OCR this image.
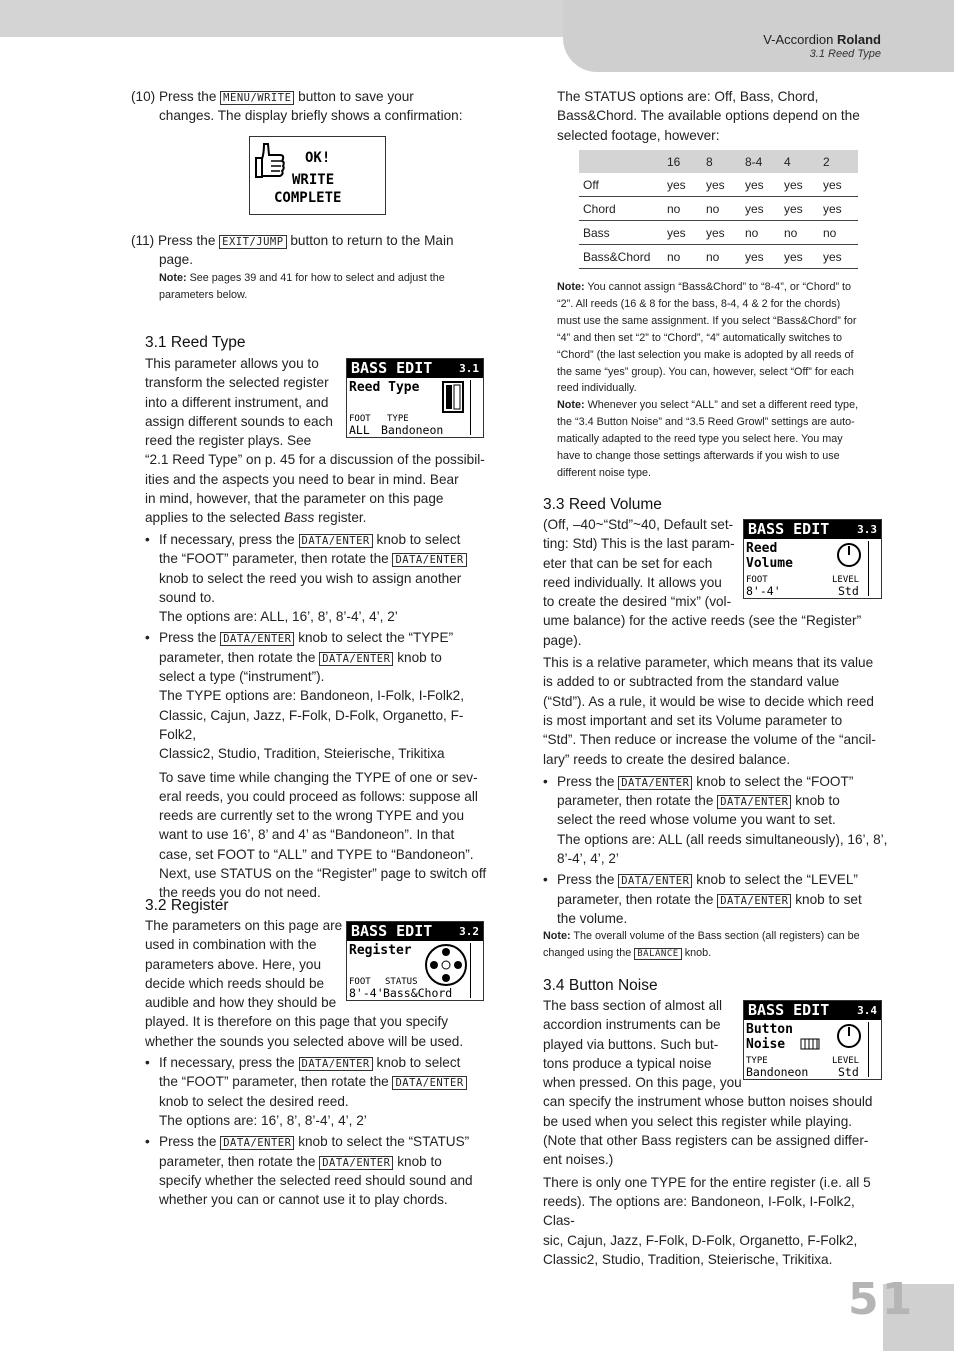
V-Accordion Roland
3.1 Reed Type
(10) Press the MENU/WRITE button to save your
changes. The display briefly shows a confirmation:
OK!
WRITE
COMPLETE
(11) Press the EXIT/JUMP button to return to the Main
page.
Note: See pages 39 and 41 for how to select and adjust the
parameters below.
3.1 Reed Type
This parameter allows you to
transform the selected register
into a different instrument, and
assign different sounds to each
reed the register plays. See
“2.1 Reed Type” on p. 45 for a discussion of the possibil-
ities and the aspects you need to bear in mind. Bear
in mind, however, that the parameter on this page
applies to the selected Bass register.
BASS EDIT 3.1
Reed Type
FOOT TYPE
ALL Bandoneon
• If necessary, press the DATA/ENTER knob to select
the “FOOT” parameter, then rotate the DATA/ENTER
knob to select the reed you wish to assign another
sound to.
The options are: ALL, 16’, 8’, 8’-4’, 4’, 2’
• Press the DATA/ENTER knob to select the “TYPE”
parameter, then rotate the DATA/ENTER knob to
select a type (“instrument”).
The TYPE options are: Bandoneon, I-Folk, I-Folk2,
Classic, Cajun, Jazz, F-Folk, D-Folk, Organetto, F-Folk2,
Classic2, Studio, Tradition, Steierische, Trikitixa
To save time while changing the TYPE of one or sev-
eral reeds, you could proceed as follows: suppose all
reeds are currently set to the wrong TYPE and you
want to use 16’, 8’ and 4’ as “Bandoneon”. In that
case, set FOOT to “ALL” and TYPE to “Bandoneon”.
Next, use STATUS on the “Register” page to switch off
the reeds you do not need.
3.2 Register
The parameters on this page are
used in combination with the
parameters above. Here, you
decide which reeds should be
audible and how they should be
played. It is therefore on this page that you specify
whether the sounds you selected above will be used.
• If necessary, press the DATA/ENTER knob to select
the “FOOT” parameter, then rotate the DATA/ENTER
knob to select the desired reed.
The options are: 16’, 8’, 8’-4’, 4’, 2’
• Press the DATA/ENTER knob to select the “STATUS”
parameter, then rotate the DATA/ENTER knob to
specify whether the selected reed should sound and
whether you can or cannot use it to play chords.
BASS EDIT 3.2
Register
FOOT STATUS
8'-4' Bass&Chord
The STATUS options are: Off, Bass, Chord,
Bass&Chord. The available options depend on the
selected footage, however:
	16	8	8-4	4	2
Off	yes	yes	yes	yes	yes
Chord	no	no	yes	yes	yes
Bass	yes	yes	no	no	no
Bass&Chord	no	no	yes	yes	yes
Note: You cannot assign “Bass&Chord” to “8-4”, or “Chord” to
“2”. All reeds (16 & 8 for the bass, 8-4, 4 & 2 for the chords)
must use the same assignment. If you select “Bass&Chord” for
“4” and then set “2” to “Chord”, “4” automatically switches to
“Chord” (the last selection you make is adopted by all reeds of
the same “yes” group). You can, however, select “Off” for each
reed individually.
Note: Whenever you select “ALL” and set a different reed type,
the “3.4 Button Noise” and “3.5 Reed Growl” settings are auto-
matically adapted to the reed type you select here. You may
have to change those settings afterwards if you wish to use
different noise type.
3.3 Reed Volume
(Off, –40~“Std”~40, Default set-
ting: Std) This is the last param-
eter that can be set for each
reed individually. It allows you
to create the desired “mix” (vol-
ume balance) for the active reeds (see the “Register”
page).
This is a relative parameter, which means that its value
is added to or subtracted from the standard value
(“Std”). As a rule, it would be wise to decide which reed
is most important and set its Volume parameter to
“Std”. Then reduce or increase the volume of the “ancil-
lary” reeds to create the desired balance.
• Press the DATA/ENTER knob to select the “FOOT”
parameter, then rotate the DATA/ENTER knob to
select the reed whose volume you want to set.
The options are: ALL (all reeds simultaneously), 16’, 8’,
8’-4’, 4’, 2’
• Press the DATA/ENTER knob to select the “LEVEL”
parameter, then rotate the DATA/ENTER knob to set
the volume.
Note: The overall volume of the Bass section (all registers) can be
changed using the BALANCE knob.
BASS EDIT	3.3
Reed
Volume
FOOT	LEVEL
8'-4'	Std
3.4 Button Noise
The bass section of almost all
accordion instruments can be
played via buttons. Such but-
tons produce a typical noise
when pressed. On this page, you
can specify the instrument whose button noises should
be used when you select this register while playing.
(Note that other Bass registers can be assigned differ-
ent noises.)
There is only one TYPE for the entire register (i.e. all 5
reeds). The options are: Bandoneon, I-Folk, I-Folk2, Clas-
sic, Cajun, Jazz, F-Folk, D-Folk, Organetto, F-Folk2,
Classic2, Studio, Tradition, Steierische, Trikitixa.
BASS EDIT	3.4
Button
Noise
TYPE	LEVEL
Bandoneon	Std
51
